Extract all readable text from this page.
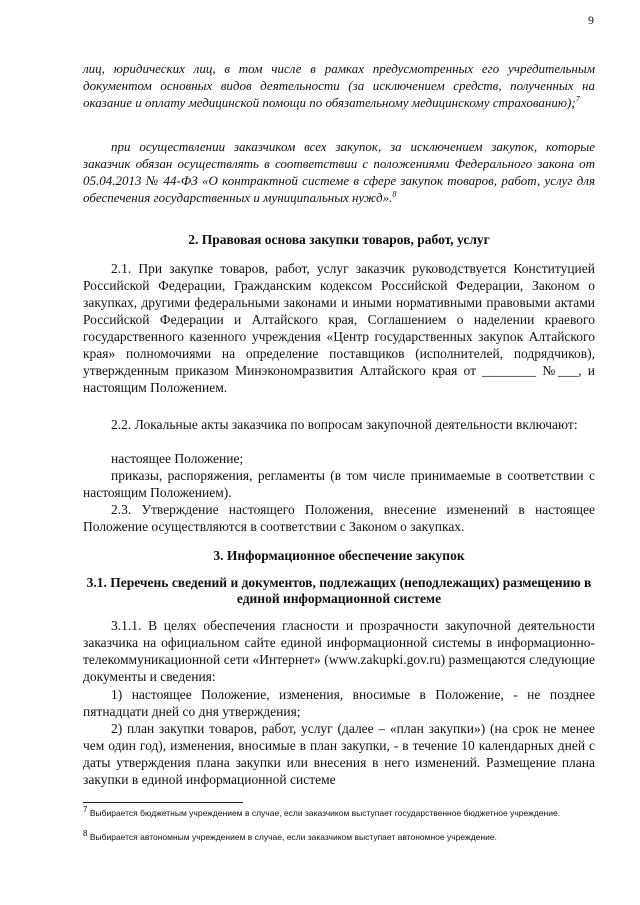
9

лиц, юридических лиц, в том числе в рамках предусмотренных его учредительным документом основных видов деятельности (за исключением средств, полученных на оказание и оплату медицинской помощи по обязательному медицинскому страхованию);$^7$

при осуществлении заказчиком всех закупок, за исключением закупок, которые заказчик обязан осуществлять в соответствии с положениями Федерального закона от 05.04.2013 № 44-ФЗ «О контрактной системе в сфере закупок товаров, работ, услуг для обеспечения государственных и муниципальных нужд».$^8$

2. Правовая основа закупки товаров, работ, услуг

2.1. При закупке товаров, работ, услуг заказчик руководствуется Конституцией Российской Федерации, Гражданским кодексом Российской Федерации, Законом о закупках, другими федеральными законами и иными нормативными правовыми актами Российской Федерации и Алтайского края, Соглашением о наделении краевого государственного казенного учреждения «Центр государственных закупок Алтайского края» полномочиями на определение поставщиков (исполнителей, подрядчиков), утвержденным приказом Минэкономразвития Алтайского края от ________ №___, и настоящим Положением.

2.2. Локальные акты заказчика по вопросам закупочной деятельности включают:

настоящее Положение;

приказы, распоряжения, регламенты (в том числе принимаемые в соответствии с настоящим Положением).

2.3. Утверждение настоящего Положения, внесение изменений в настоящее Положение осуществляются в соответствии с Законом о закупках.

3. Информационное обеспечение закупок
3.1. Перечень сведений и документов, подлежащих (неподлежащих) размещению в единой информационной системе

3.1.1. В целях обеспечения гласности и прозрачности закупочной деятельности заказчика на официальном сайте единой информационной системы в информационно-телекоммуникационной сети «Интернет» (www.zakupki.gov.ru) размещаются следующие документы и сведения:

1) настоящее Положение, изменения, вносимые в Положение, - не позднее пятнадцати дней со дня утверждения;

2) план закупки товаров, работ, услуг (далее – «план закупки») (на срок не менее чем один год), изменения, вносимые в план закупки, - в течение 10 календарных дней с даты утверждения плана закупки или внесения в него изменений. Размещение плана закупки в единой информационной системе

$^7$ Выбирается бюджетным учреждением в случае, если заказчиком выступает государственное бюджетное учреждение.

$^8$ Выбирается автономным учреждением в случае, если заказчиком выступает автономное учреждение.
